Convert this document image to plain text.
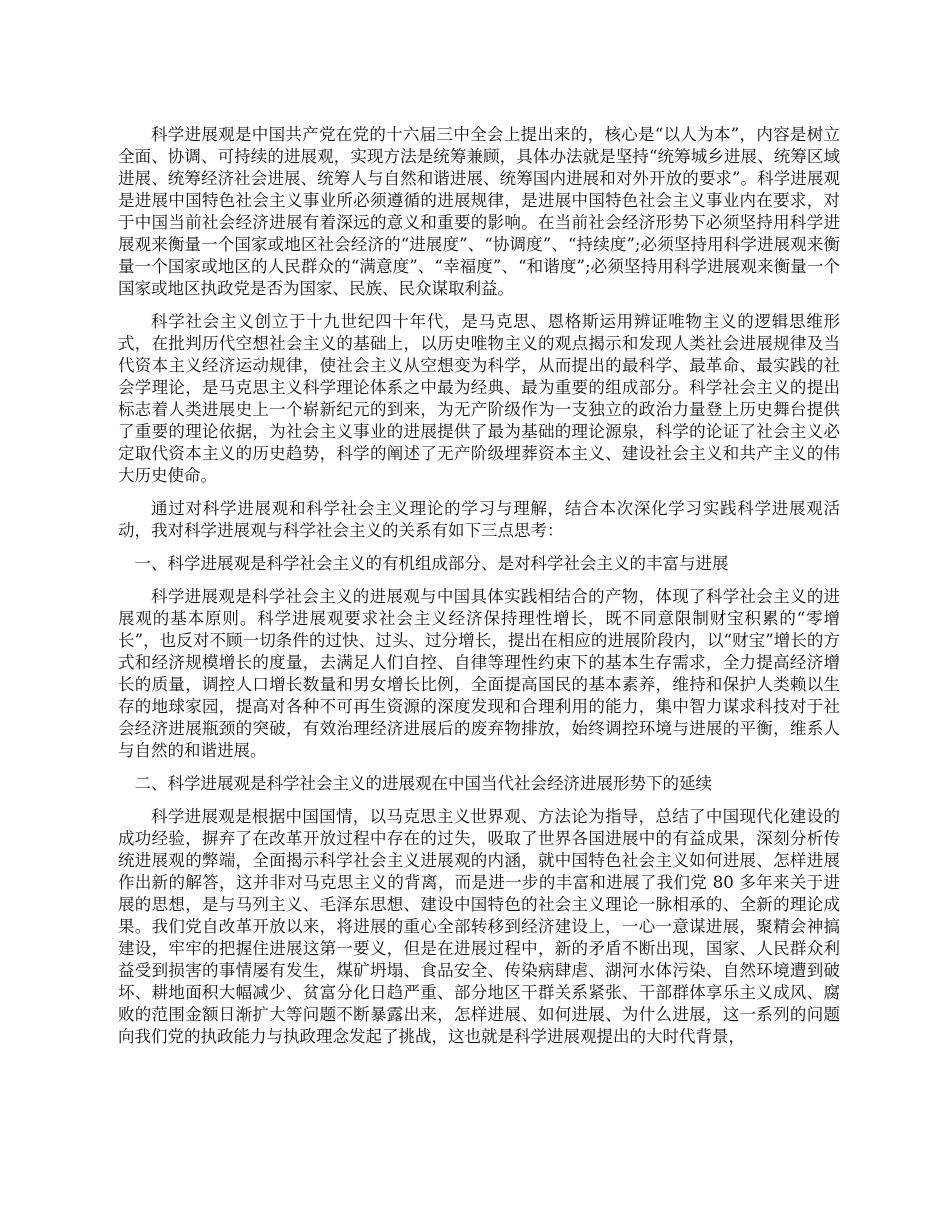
科学进展观是中国共产党在党的十六届三中全会上提出来的，核心是“以人为本”，内容是树立全面、协调、可持续的进展观，实现方法是统筹兼顾，具体办法就是坚持“统筹城乡进展、统筹区域进展、统筹经济社会进展、统筹人与自然和谐进展、统筹国内进展和对外开放的要求”。科学进展观是进展中国特色社会主义事业所必须遵循的进展规律，是进展中国特色社会主义事业内在要求，对于中国当前社会经济进展有着深远的意义和重要的影响。在当前社会经济形势下必须坚持用科学进展观来衡量一个国家或地区社会经济的“进展度”、“协调度”、“持续度”;必须坚持用科学进展观来衡量一个国家或地区的人民群众的“满意度”、“幸福度”、“和谐度”;必须坚持用科学进展观来衡量一个国家或地区执政党是否为国家、民族、民众谋取利益。

科学社会主义创立于十九世纪四十年代，是马克思、恩格斯运用辨证唯物主义的逻辑思维形式，在批判历代空想社会主义的基础上，以历史唯物主义的观点揭示和发现人类社会进展规律及当代资本主义经济运动规律，使社会主义从空想变为科学，从而提出的最科学、最革命、最实践的社会学理论，是马克思主义科学理论体系之中最为经典、最为重要的组成部分。科学社会主义的提出标志着人类进展史上一个崭新纪元的到来，为无产阶级作为一支独立的政治力量登上历史舞台提供了重要的理论依据，为社会主义事业的进展提供了最为基础的理论源泉，科学的论证了社会主义必定取代资本主义的历史趋势，科学的阐述了无产阶级埋葬资本主义、建设社会主义和共产主义的伟大历史使命。

通过对科学进展观和科学社会主义理论的学习与理解，结合本次深化学习实践科学进展观活动，我对科学进展观与科学社会主义的关系有如下三点思考：

一、科学进展观是科学社会主义的有机组成部分、是对科学社会主义的丰富与进展

科学进展观是科学社会主义的进展观与中国具体实践相结合的产物，体现了科学社会主义的进展观的基本原则。科学进展观要求社会主义经济保持理性增长，既不同意限制财宝积累的“零增长”，也反对不顾一切条件的过快、过头、过分增长，提出在相应的进展阶段内，以“财宝”增长的方式和经济规模增长的度量，去满足人们自控、自律等理性约束下的基本生存需求，全力提高经济增长的质量，调控人口增长数量和男女增长比例，全面提高国民的基本素养，维持和保护人类赖以生存的地球家园，提高对各种不可再生资源的深度发现和合理利用的能力，集中智力谋求科技对于社会经济进展瓶颈的突破，有效治理经济进展后的废弃物排放，始终调控环境与进展的平衡，维系人与自然的和谐进展。

二、科学进展观是科学社会主义的进展观在中国当代社会经济进展形势下的延续

科学进展观是根据中国国情，以马克思主义世界观、方法论为指导，总结了中国现代化建设的成功经验，摒弃了在改革开放过程中存在的过失，吸取了世界各国进展中的有益成果，深刻分析传统进展观的弊端，全面揭示科学社会主义进展观的内涵，就中国特色社会主义如何进展、怎样进展作出新的解答，这并非对马克思主义的背离，而是进一步的丰富和进展了我们党 80 多年来关于进展的思想，是与马列主义、毛泽东思想、建设中国特色的社会主义理论一脉相承的、全新的理论成果。我们党自改革开放以来，将进展的重心全部转移到经济建设上，一心一意谋进展，聚精会神搞建设，牢牢的把握住进展这第一要义，但是在进展过程中，新的矛盾不断出现，国家、人民群众利益受到损害的事情屡有发生，煤矿坍塌、食品安全、传染病肆虐、湖河水体污染、自然环境遭到破坏、耕地面积大幅减少、贫富分化日趋严重、部分地区干群关系紧张、干部群体享乐主义成风、腐败的范围金额日渐扩大等问题不断暴露出来，怎样进展、如何进展、为什么进展，这一系列的问题向我们党的执政能力与执政理念发起了挑战，这也就是科学进展观提出的大时代背景，
